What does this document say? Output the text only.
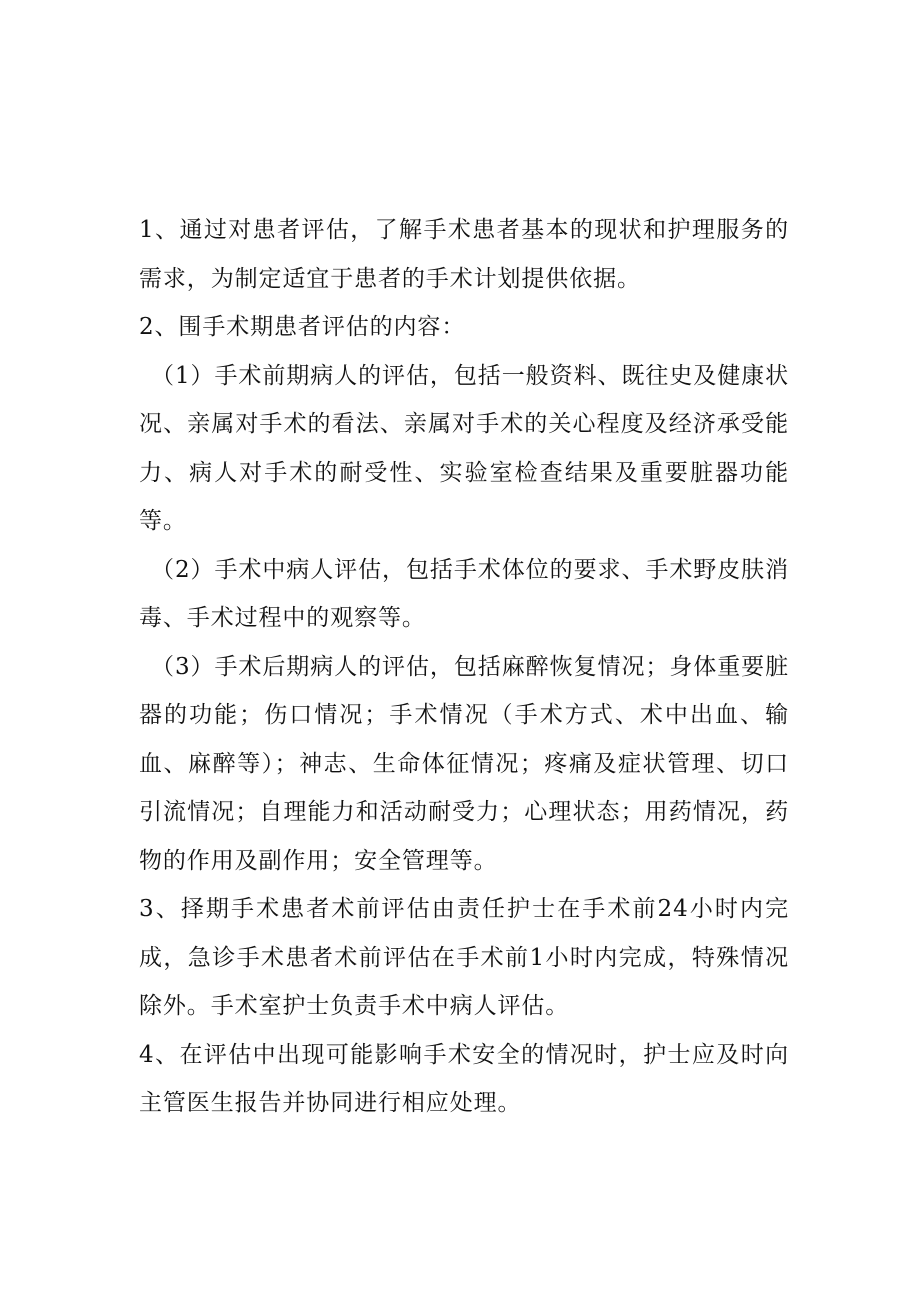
1、通过对患者评估，了解手术患者基本的现状和护理服务的需求，为制定适宜于患者的手术计划提供依据。

2、围手术期患者评估的内容：

（1）手术前期病人的评估，包括一般资料、既往史及健康状况、亲属对手术的看法、亲属对手术的关心程度及经济承受能力、病人对手术的耐受性、实验室检查结果及重要脏器功能等。

（2）手术中病人评估，包括手术体位的要求、手术野皮肤消毒、手术过程中的观察等。

（3）手术后期病人的评估，包括麻醉恢复情况；身体重要脏器的功能；伤口情况；手术情况（手术方式、术中出血、输血、麻醉等）；神志、生命体征情况；疼痛及症状管理、切口引流情况；自理能力和活动耐受力；心理状态；用药情况，药物的作用及副作用；安全管理等。

3、择期手术患者术前评估由责任护士在手术前24小时内完成，急诊手术患者术前评估在手术前1小时内完成，特殊情况除外。手术室护士负责手术中病人评估。

4、在评估中出现可能影响手术安全的情况时，护士应及时向主管医生报告并协同进行相应处理。
